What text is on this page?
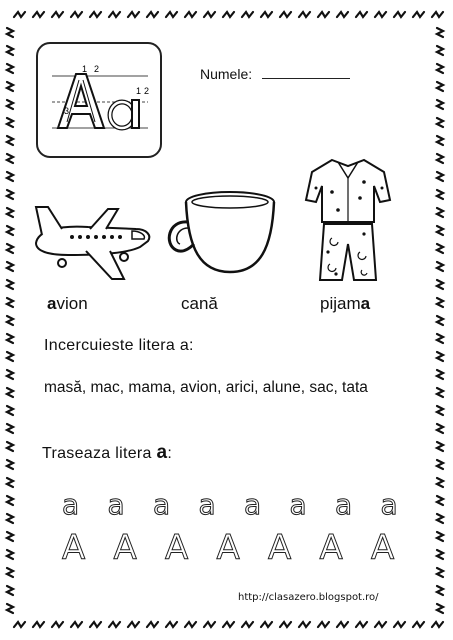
1 2
3
1 2
Numele:
avion	cană	pijama
Incercuieste litera a:
masă, mac, mama, avion, arici, alune, sac, tata
Traseaza litera a:
a a a a a a a a
A A A A A A A
http://clasazero.blogspot.ro/
